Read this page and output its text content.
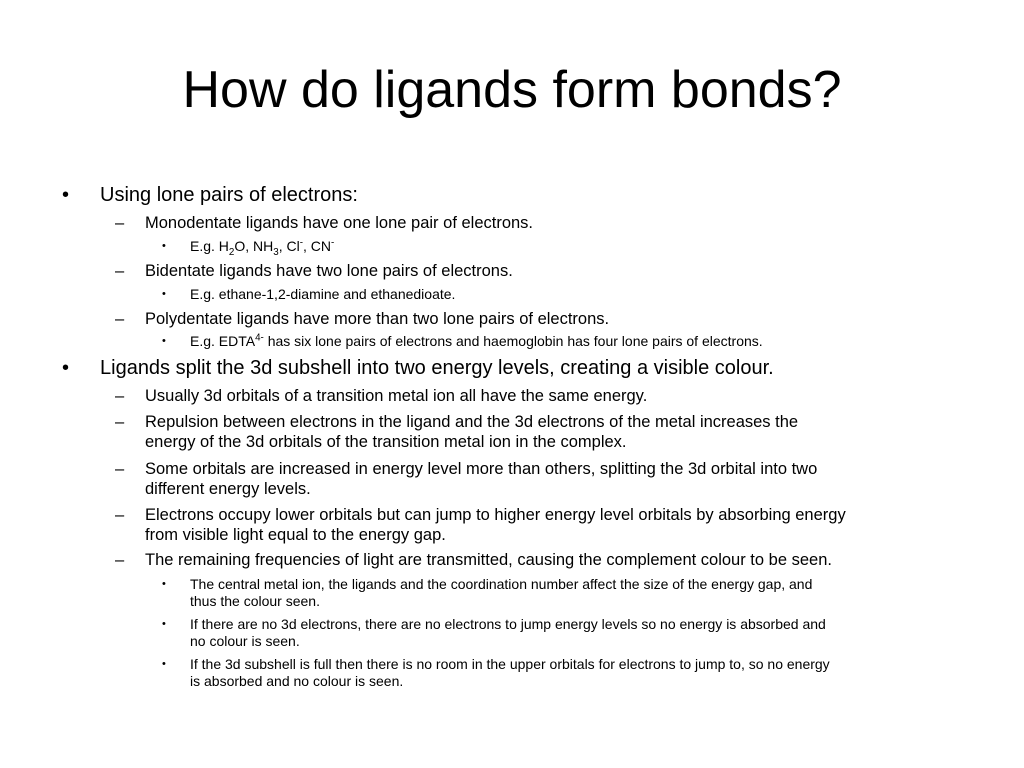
How do ligands form bonds?
• Using lone pairs of electrons:
– Monodentate ligands have one lone pair of electrons.
• E.g. $H_2O$, $NH_3$, Cl-, CN-
– Bidentate ligands have two lone pairs of electrons.
• E.g. ethane-1,2-diamine and ethanedioate.
– Polydentate ligands have more than two lone pairs of electrons.
• E.g. $EDTA^{4-}$ has six lone pairs of electrons and haemoglobin has four lone pairs of electrons.
• Ligands split the 3d subshell into two energy levels, creating a visible colour.
– Usually 3d orbitals of a transition metal ion all have the same energy.
– Repulsion between electrons in the ligand and the 3d electrons of the metal increases the
energy of the 3d orbitals of the transition metal ion in the complex.
– Some orbitals are increased in energy level more than others, splitting the 3d orbital into two
different energy levels.
– Electrons occupy lower orbitals but can jump to higher energy level orbitals by absorbing energy
from visible light equal to the energy gap.
– The remaining frequencies of light are transmitted, causing the complement colour to be seen.
• The central metal ion, the ligands and the coordination number affect the size of the energy gap, and
thus the colour seen.
• If there are no 3d electrons, there are no electrons to jump energy levels so no energy is absorbed and
no colour is seen.
• If the 3d subshell is full then there is no room in the upper orbitals for electrons to jump to, so no energy
is absorbed and no colour is seen.
